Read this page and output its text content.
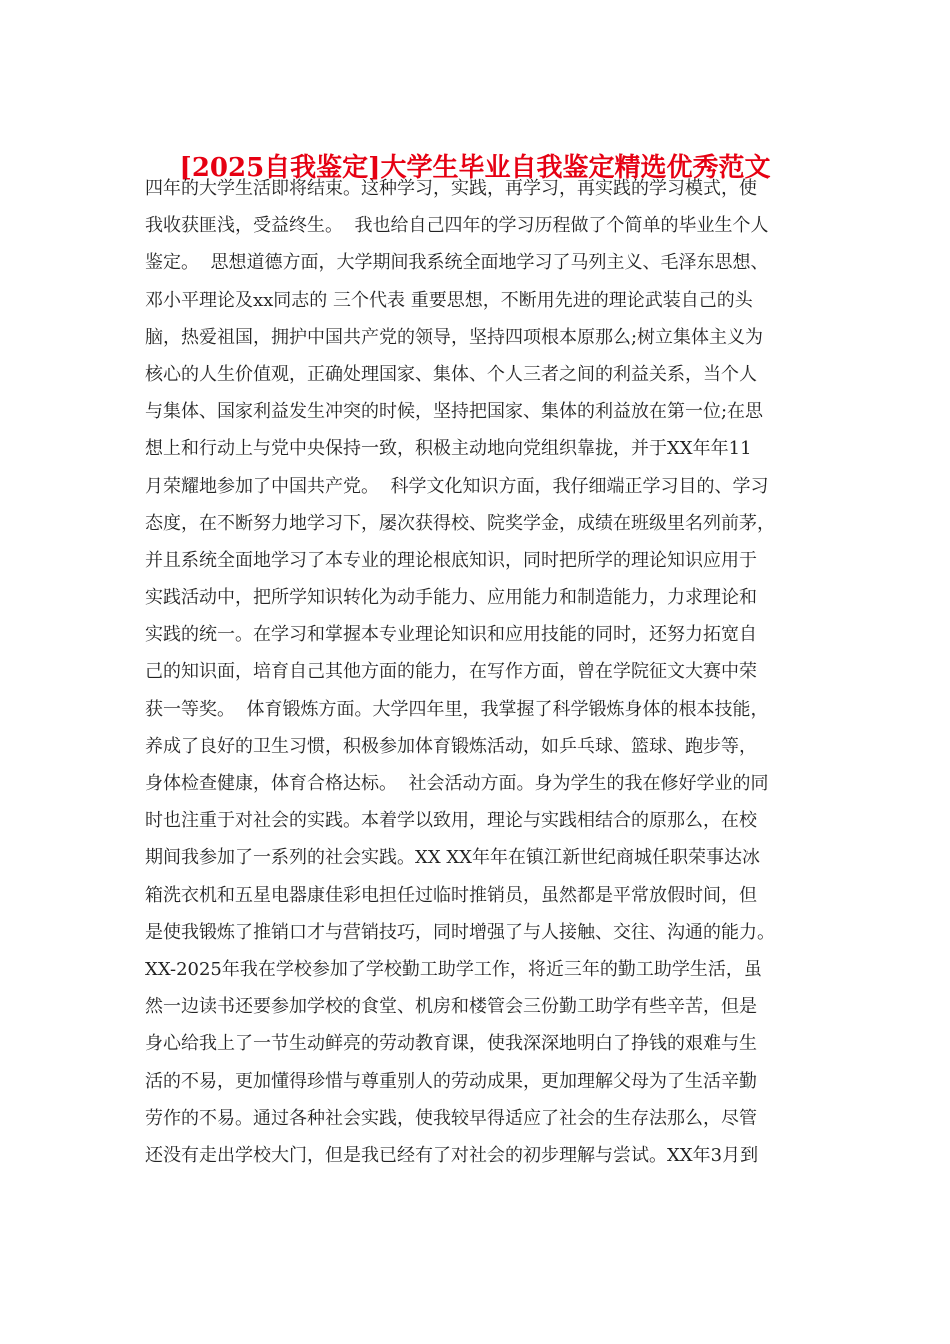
[2025自我鉴定]大学生毕业自我鉴定精选优秀范文
四年的大学生活即将结束。这种学习，实践，再学习，再实践的学习模式，使
我收获匪浅，受益终生。  我也给自己四年的学习历程做了个简单的毕业生个人
鉴定。  思想道德方面，大学期间我系统全面地学习了马列主义、毛泽东思想、
邓小平理论及xx同志的 三个代表 重要思想，不断用先进的理论武装自己的头
脑，热爱祖国，拥护中国共产党的领导，坚持四项根本原那么;树立集体主义为
核心的人生价值观，正确处理国家、集体、个人三者之间的利益关系，当个人
与集体、国家利益发生冲突的时候，坚持把国家、集体的利益放在第一位;在思
想上和行动上与党中央保持一致，积极主动地向党组织靠拢，并于XX年年11
月荣耀地参加了中国共产党。  科学文化知识方面，我仔细端正学习目的、学习
态度，在不断努力地学习下，屡次获得校、院奖学金，成绩在班级里名列前茅，
并且系统全面地学习了本专业的理论根底知识，同时把所学的理论知识应用于
实践活动中，把所学知识转化为动手能力、应用能力和制造能力，力求理论和
实践的统一。在学习和掌握本专业理论知识和应用技能的同时，还努力拓宽自
己的知识面，培育自己其他方面的能力，在写作方面，曾在学院征文大赛中荣
获一等奖。  体育锻炼方面。大学四年里，我掌握了科学锻炼身体的根本技能，
养成了良好的卫生习惯，积极参加体育锻炼活动，如乒乓球、篮球、跑步等，
身体检查健康，体育合格达标。  社会活动方面。身为学生的我在修好学业的同
时也注重于对社会的实践。本着学以致用，理论与实践相结合的原那么，在校
期间我参加了一系列的社会实践。XX XX年年在镇江新世纪商城任职荣事达冰
箱洗衣机和五星电器康佳彩电担任过临时推销员，虽然都是平常放假时间，但
是使我锻炼了推销口才与营销技巧，同时增强了与人接触、交往、沟通的能力。
XX-2025年我在学校参加了学校勤工助学工作，将近三年的勤工助学生活，虽
然一边读书还要参加学校的食堂、机房和楼管会三份勤工助学有些辛苦，但是
身心给我上了一节生动鲜亮的劳动教育课，使我深深地明白了挣钱的艰难与生
活的不易，更加懂得珍惜与尊重别人的劳动成果，更加理解父母为了生活辛勤
劳作的不易。通过各种社会实践，使我较早得适应了社会的生存法那么，尽管
还没有走出学校大门，但是我已经有了对社会的初步理解与尝试。XX年3月到
